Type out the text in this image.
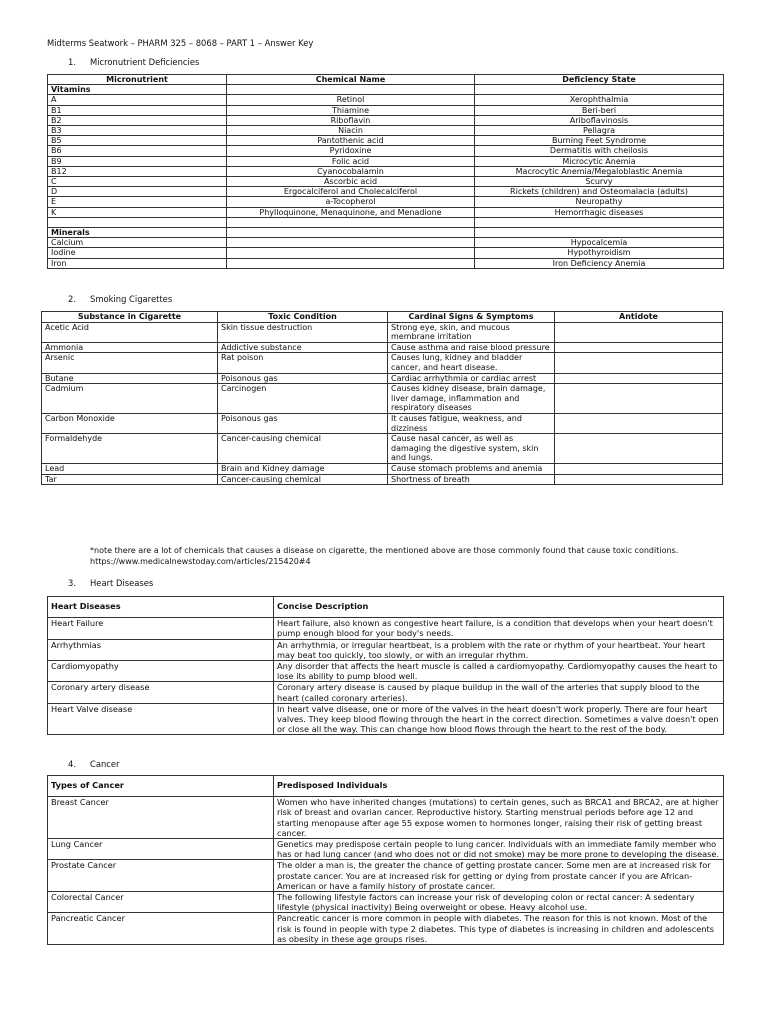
Midterms Seatwork – PHARM 325 – 8068 – PART 1 – Answer Key
1. Micronutrient Deficiencies
Micronutrient	Chemical Name	Deficiency State
Vitamins		
A	Retinol	Xerophthalmia
B1	Thiamine	Beri-beri
B2	Riboflavin	Ariboflavinosis
B3	Niacin	Pellagra
B5	Pantothenic acid	Burning Feet Syndrome
B6	Pyridoxine	Dermatitis with cheilosis
B9	Folic acid	Microcytic Anemia
B12	Cyanocobalamin	Macrocytic Anemia/Megaloblastic Anemia
C	Ascorbic acid	Scurvy
D	Ergocalciferol and Cholecalciferol	Rickets (children) and Osteomalacia (adults)
E	a-Tocopherol	Neuropathy
K	Phylloquinone, Menaquinone, and Menadione	Hemorrhagic diseases

Minerals		
Calcium		Hypocalcemia
Iodine		Hypothyroidism
Iron		Iron Deficiency Anemia
2. Smoking Cigarettes
Substance in Cigarette	Toxic Condition	Cardinal Signs & Symptoms	Antidote
Acetic Acid	Skin tissue destruction	Strong eye, skin, and mucous membrane irritation	
Ammonia	Addictive substance	Cause asthma and raise blood pressure	
Arsenic	Rat poison	Causes lung, kidney and bladder cancer, and heart disease.	
Butane	Poisonous gas	Cardiac arrhythmia or cardiac arrest	
Cadmium	Carcinogen	Causes kidney disease, brain damage, liver damage, inflammation and respiratory diseases	
Carbon Monoxide	Poisonous gas	It causes fatigue, weakness, and dizziness	
Formaldehyde	Cancer-causing chemical	Cause nasal cancer, as well as damaging the digestive system, skin and lungs.	
Lead	Brain and Kidney damage	Cause stomach problems and anemia	
Tar	Cancer-causing chemical	Shortness of breath	
*note there are a lot of chemicals that causes a disease on cigarette, the mentioned above are those commonly found that cause toxic conditions. https://www.medicalnewstoday.com/articles/215420#4
3. Heart Diseases
Heart Diseases	Concise Description
Heart Failure	Heart failure, also known as congestive heart failure, is a condition that develops when your heart doesn't pump enough blood for your body's needs.
Arrhythmias	An arrhythmia, or irregular heartbeat, is a problem with the rate or rhythm of your heartbeat. Your heart may beat too quickly, too slowly, or with an irregular rhythm.
Cardiomyopathy	Any disorder that affects the heart muscle is called a cardiomyopathy. Cardiomyopathy causes the heart to lose its ability to pump blood well.
Coronary artery disease	Coronary artery disease is caused by plaque buildup in the wall of the arteries that supply blood to the heart (called coronary arteries).
Heart Valve disease	In heart valve disease, one or more of the valves in the heart doesn't work properly. There are four heart valves. They keep blood flowing through the heart in the correct direction. Sometimes a valve doesn't open or close all the way. This can change how blood flows through the heart to the rest of the body.
4. Cancer
Types of Cancer	Predisposed Individuals
Breast Cancer	Women who have inherited changes (mutations) to certain genes, such as BRCA1 and BRCA2, are at higher risk of breast and ovarian cancer. Reproductive history. Starting menstrual periods before age 12 and starting menopause after age 55 expose women to hormones longer, raising their risk of getting breast cancer.
Lung Cancer	Genetics may predispose certain people to lung cancer. Individuals with an immediate family member who has or had lung cancer (and who does not or did not smoke) may be more prone to developing the disease.
Prostate Cancer	The older a man is, the greater the chance of getting prostate cancer. Some men are at increased risk for prostate cancer. You are at increased risk for getting or dying from prostate cancer if you are African-American or have a family history of prostate cancer.
Colorectal Cancer	The following lifestyle factors can increase your risk of developing colon or rectal cancer: A sedentary lifestyle (physical inactivity) Being overweight or obese. Heavy alcohol use.
Pancreatic Cancer	Pancreatic cancer is more common in people with diabetes. The reason for this is not known. Most of the risk is found in people with type 2 diabetes. This type of diabetes is increasing in children and adolescents as obesity in these age groups rises.
